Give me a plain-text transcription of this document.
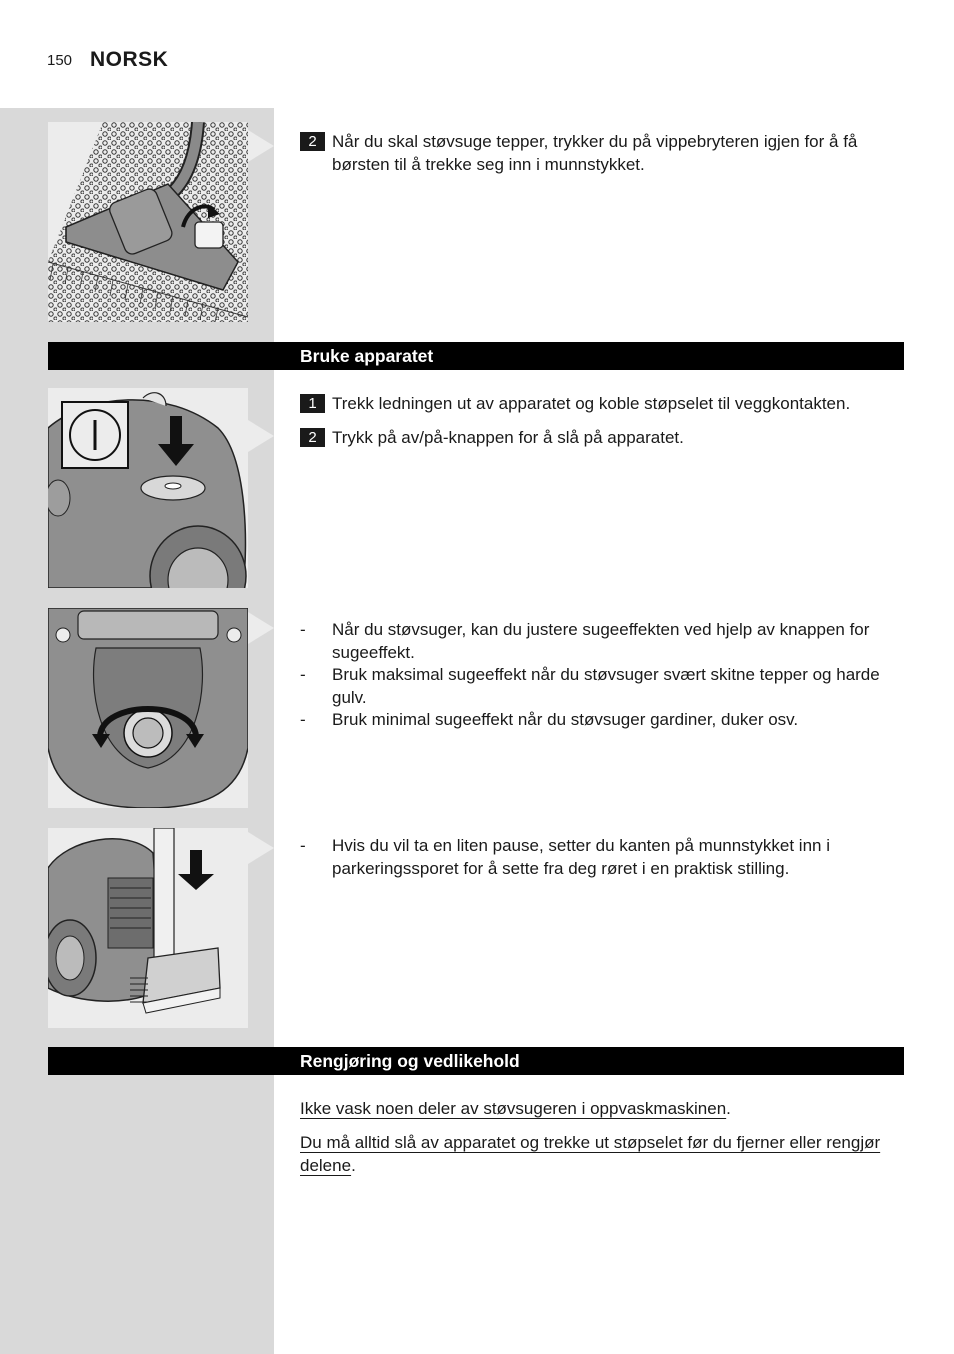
150 NORSK
2 Når du skal støvsuge tepper, trykker du på vippebryteren igjen for å få børsten til å trekke seg inn i munnstykket.
Bruke apparatet
1 Trekk ledningen ut av apparatet og koble støpselet til veggkontakten.
2 Trykk på av/på-knappen for å slå på apparatet.
- Når du støvsuger, kan du justere sugeeffekten ved hjelp av knappen for sugeeffekt.
- Bruk maksimal sugeeffekt når du støvsuger svært skitne tepper og harde gulv.
- Bruk minimal sugeeffekt når du støvsuger gardiner, duker osv.
- Hvis du vil ta en liten pause, setter du kanten på munnstykket inn i parkeringssporet for å sette fra deg røret i en praktisk stilling.
Rengjøring og vedlikehold
Ikke vask noen deler av støvsugeren i oppvaskmaskinen.
Du må alltid slå av apparatet og trekke ut støpselet før du fjerner eller rengjør delene.
